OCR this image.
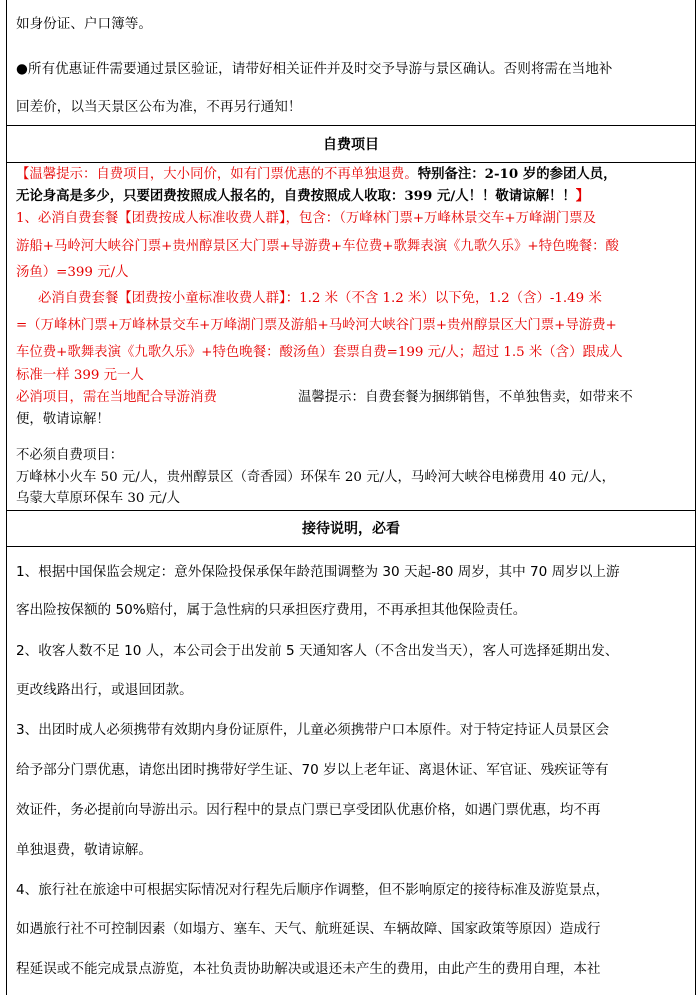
如身份证、户口簿等。
●所有优惠证件需要通过景区验证，请带好相关证件并及时交予导游与景区确认。否则将需在当地补
回差价，以当天景区公布为准，不再另行通知！
自费项目
【温馨提示：自费项目，大小同价，如有门票优惠的不再单独退费。特别备注：2-10 岁的参团人员，
无论身高是多少，只要团费按照成人报名的，自费按照成人收取：399 元/人！！敬请谅解！！】
1、必消自费套餐【团费按成人标准收费人群】，包含：（万峰林门票+万峰林景交车+万峰湖门票及
游船+马岭河大峡谷门票+贵州醇景区大门票+导游费+车位费+歌舞表演《九歌久乐》+特色晚餐：酸
汤鱼）=399 元/人
必消自费套餐【团费按小童标准收费人群】：1.2 米（不含 1.2 米）以下免，1.2（含）-1.49 米
=（万峰林门票+万峰林景交车+万峰湖门票及游船+马岭河大峡谷门票+贵州醇景区大门票+导游费+
车位费+歌舞表演《九歌久乐》+特色晚餐：酸汤鱼）套票自费=199 元/人；超过 1.5 米（含）跟成人
标准一样 399 元一人
必消项目，需在当地配合导游消费	温馨提示：自费套餐为捆绑销售，不单独售卖，如带来不
便，敬请谅解！
不必须自费项目：
万峰林小火车 50 元/人，贵州醇景区（奇香园）环保车 20 元/人，马岭河大峡谷电梯费用 40 元/人，
乌蒙大草原环保车 30 元/人
接待说明，必看
1、根据中国保监会规定：意外保险投保承保年龄范围调整为 30 天起-80 周岁，其中 70 周岁以上游
客出险按保额的 50%赔付，属于急性病的只承担医疗费用，不再承担其他保险责任。
2、收客人数不足 10 人，本公司会于出发前 5 天通知客人（不含出发当天），客人可选择延期出发、
更改线路出行，或退回团款。
3、出团时成人必须携带有效期内身份证原件，儿童必须携带户口本原件。对于特定持证人员景区会
给予部分门票优惠，请您出团时携带好学生证、70 岁以上老年证、离退休证、军官证、残疾证等有
效证件，务必提前向导游出示。因行程中的景点门票已享受团队优惠价格，如遇门票优惠，均不再
单独退费，敬请谅解。
4、旅行社在旅途中可根据实际情况对行程先后顺序作调整，但不影响原定的接待标准及游览景点，
如遇旅行社不可控制因素（如塌方、塞车、天气、航班延误、车辆故障、国家政策等原因）造成行
程延误或不能完成景点游览，本社负责协助解决或退还未产生的费用，由此产生的费用自理，本社
